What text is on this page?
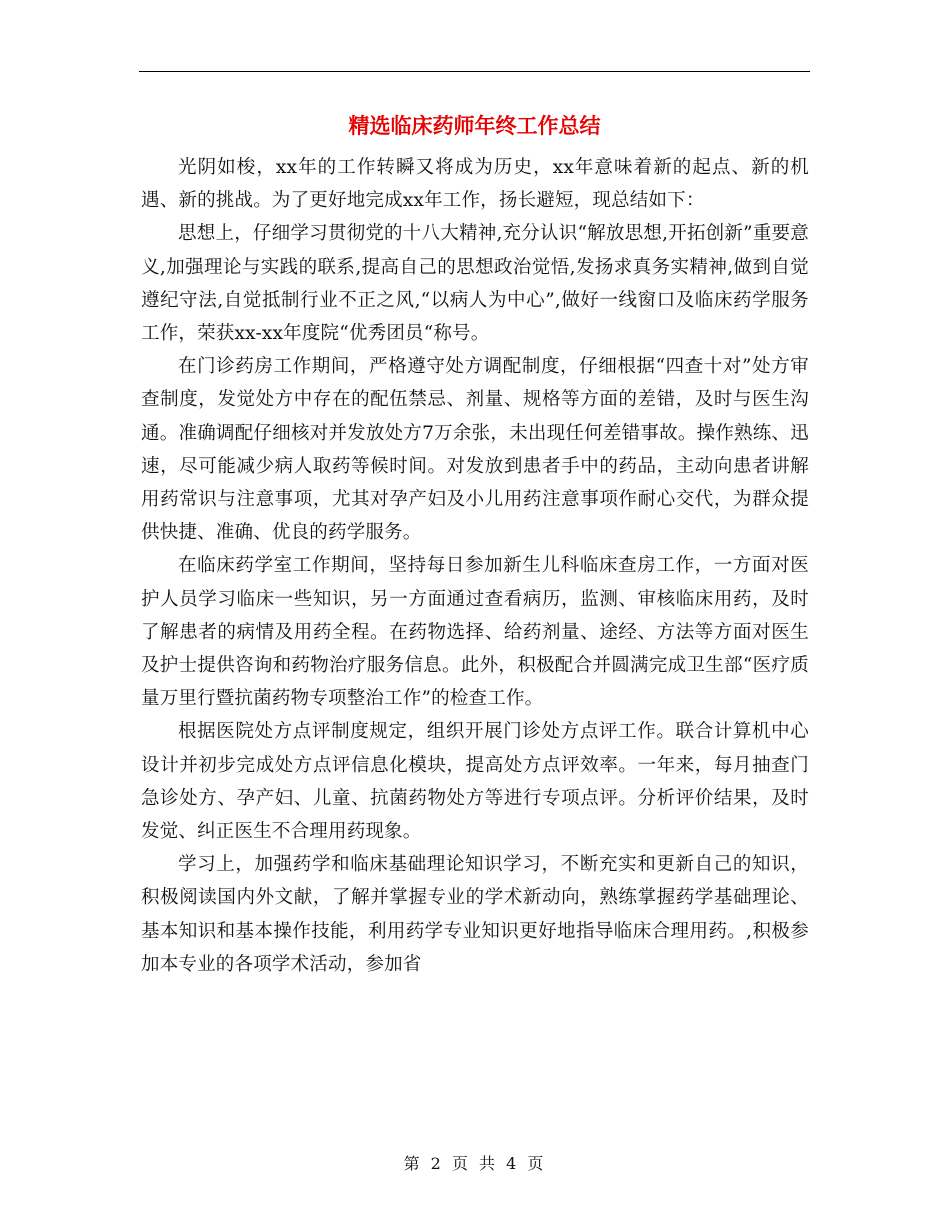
精选临床药师年终工作总结

光阴如梭，xx年的工作转瞬又将成为历史，xx年意味着新的起点、新的机遇、新的挑战。为了更好地完成xx年工作，扬长避短，现总结如下：

思想上，仔细学习贯彻党的十八大精神,充分认识“解放思想,开拓创新”重要意义,加强理论与实践的联系,提高自己的思想政治觉悟,发扬求真务实精神,做到自觉遵纪守法,自觉抵制行业不正之风,“以病人为中心”,做好一线窗口及临床药学服务工作，荣获xx-xx年度院“优秀团员“称号。

在门诊药房工作期间，严格遵守处方调配制度，仔细根据“四查十对”处方审查制度，发觉处方中存在的配伍禁忌、剂量、规格等方面的差错，及时与医生沟通。准确调配仔细核对并发放处方7万余张，未出现任何差错事故。操作熟练、迅速，尽可能减少病人取药等候时间。对发放到患者手中的药品，主动向患者讲解用药常识与注意事项，尤其对孕产妇及小儿用药注意事项作耐心交代，为群众提供快捷、准确、优良的药学服务。

在临床药学室工作期间，坚持每日参加新生儿科临床查房工作，一方面对医护人员学习临床一些知识，另一方面通过查看病历，监测、审核临床用药，及时了解患者的病情及用药全程。在药物选择、给药剂量、途经、方法等方面对医生及护士提供咨询和药物治疗服务信息。此外，积极配合并圆满完成卫生部“医疗质量万里行暨抗菌药物专项整治工作”的检查工作。

根据医院处方点评制度规定，组织开展门诊处方点评工作。联合计算机中心设计并初步完成处方点评信息化模块，提高处方点评效率。一年来，每月抽查门急诊处方、孕产妇、儿童、抗菌药物处方等进行专项点评。分析评价结果，及时发觉、纠正医生不合理用药现象。

学习上，加强药学和临床基础理论知识学习，不断充实和更新自己的知识，积极阅读国内外文献，了解并掌握专业的学术新动向，熟练掌握药学基础理论、基本知识和基本操作技能，利用药学专业知识更好地指导临床合理用药。,积极参加本专业的各项学术活动，参加省

第 2 页 共 4 页
